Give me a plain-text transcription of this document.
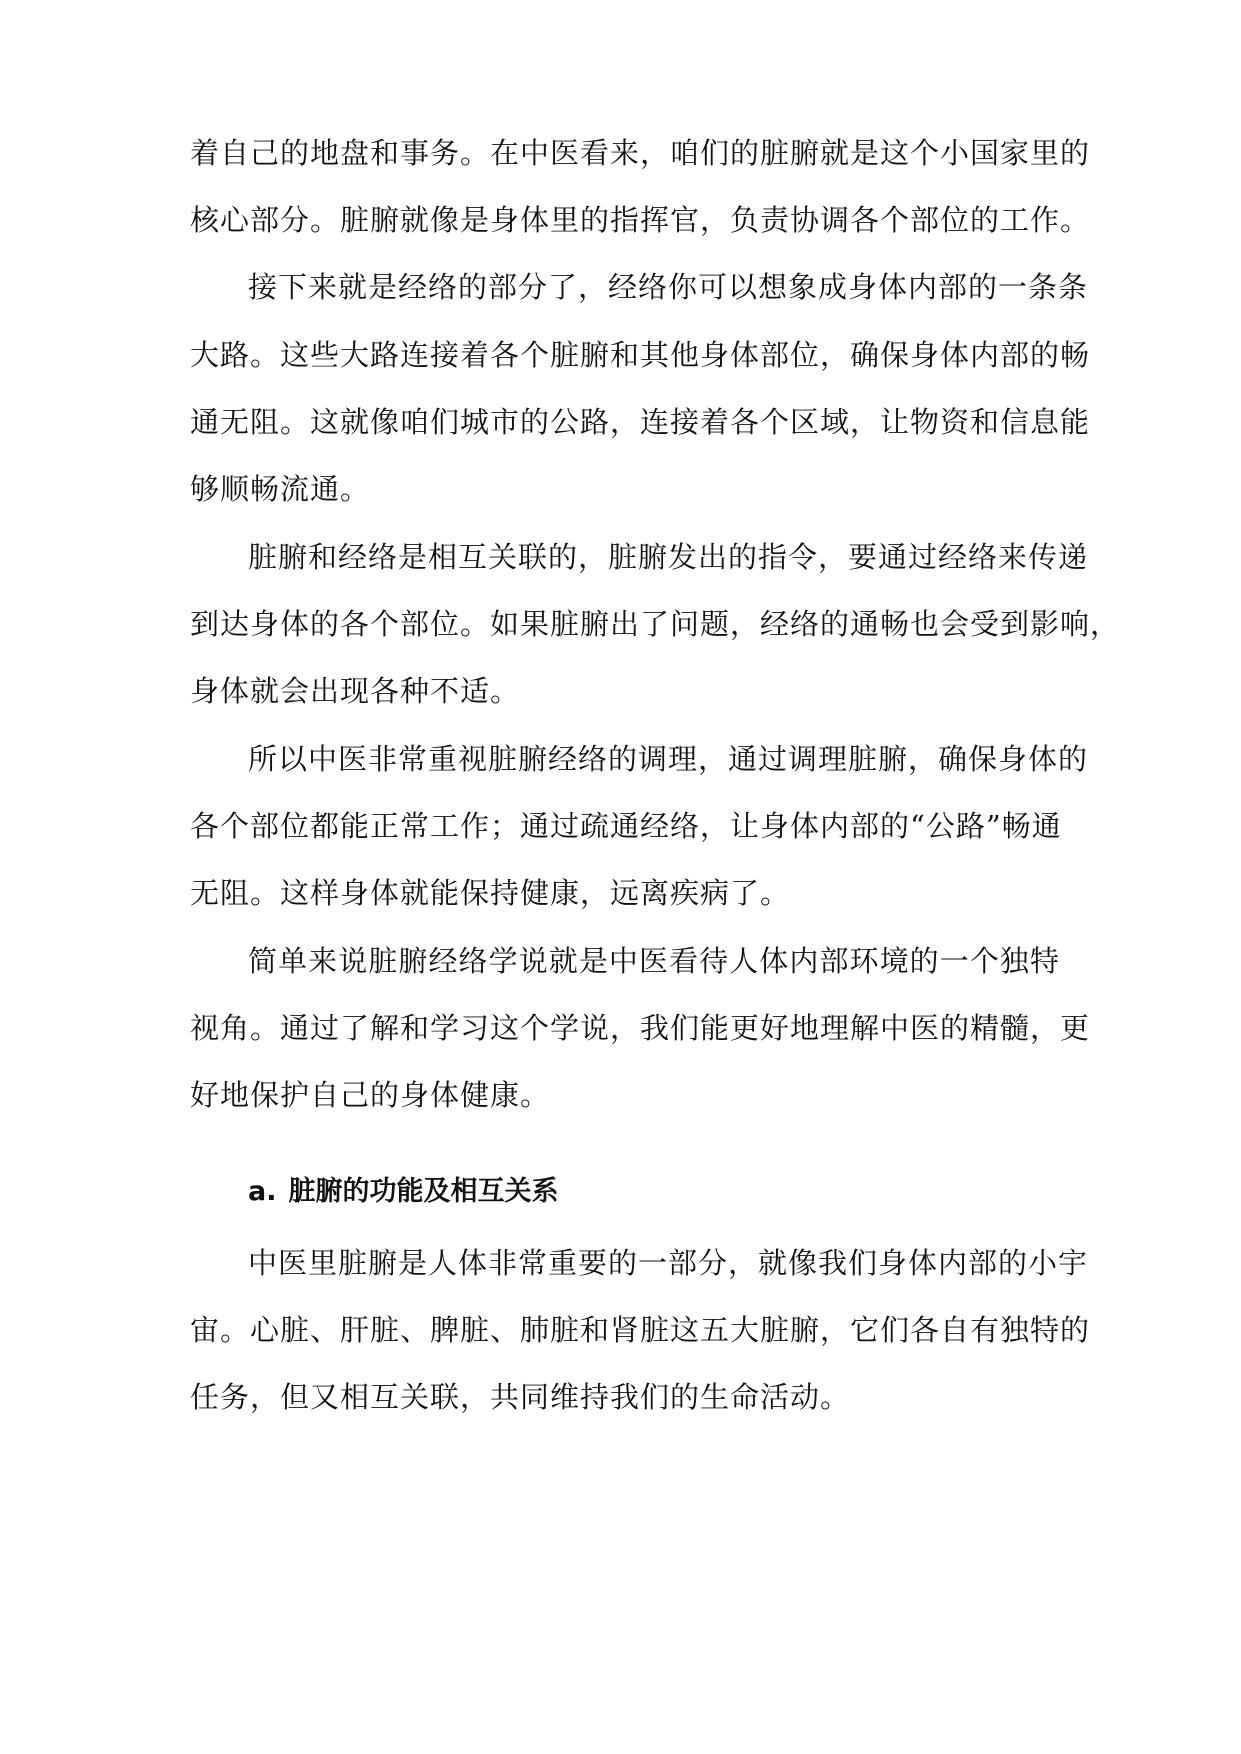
着自己的地盘和事务。在中医看来，咱们的脏腑就是这个小国家里的
核心部分。脏腑就像是身体里的指挥官，负责协调各个部位的工作。
接下来就是经络的部分了，经络你可以想象成身体内部的一条条
大路。这些大路连接着各个脏腑和其他身体部位，确保身体内部的畅
通无阻。这就像咱们城市的公路，连接着各个区域，让物资和信息能
够顺畅流通。
脏腑和经络是相互关联的，脏腑发出的指令，要通过经络来传递
到达身体的各个部位。如果脏腑出了问题，经络的通畅也会受到影响，
身体就会出现各种不适。
所以中医非常重视脏腑经络的调理，通过调理脏腑，确保身体的
各个部位都能正常工作；通过疏通经络，让身体内部的“公路”畅通
无阻。这样身体就能保持健康，远离疾病了。
简单来说脏腑经络学说就是中医看待人体内部环境的一个独特
视角。通过了解和学习这个学说，我们能更好地理解中医的精髓，更
好地保护自己的身体健康。
a. 脏腑的功能及相互关系
中医里脏腑是人体非常重要的一部分，就像我们身体内部的小宇
宙。心脏、肝脏、脾脏、肺脏和肾脏这五大脏腑，它们各自有独特的
任务，但又相互关联，共同维持我们的生命活动。
